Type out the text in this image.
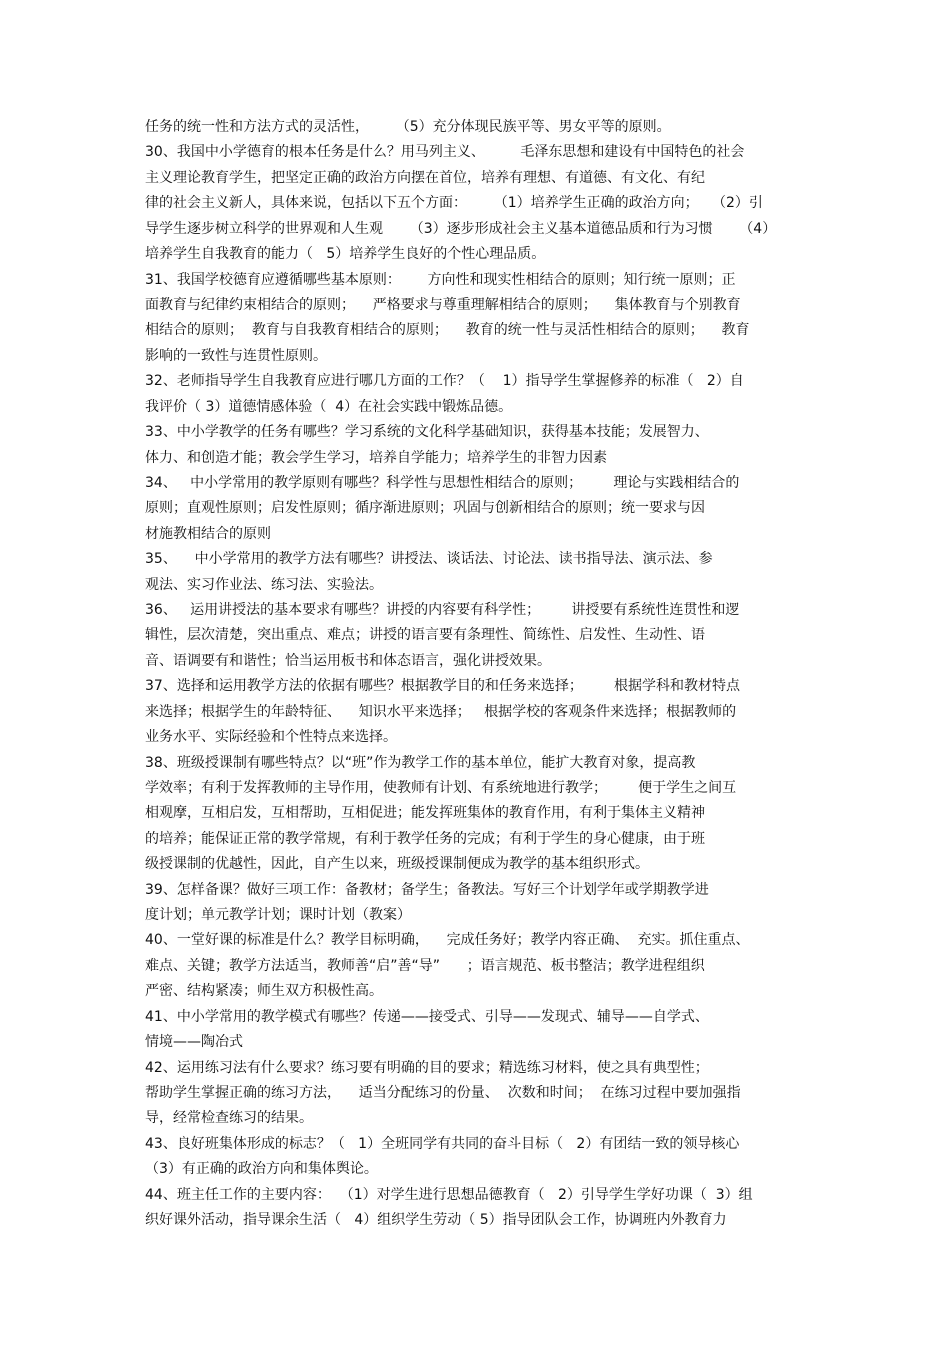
任务的统一性和方法方式的灵活性，      （5）充分体现民族平等、男女平等的原则。
30、我国中小学德育的根本任务是什么？用马列主义、        毛泽东思想和建设有中国特色的社会
主义理论教育学生，把坚定正确的政治方向摆在首位，培养有理想、有道德、有文化、有纪
律的社会主义新人，具体来说，包括以下五个方面：      （1）培养学生正确的政治方向；   （2）引
导学生逐步树立科学的世界观和人生观      （3）逐步形成社会主义基本道德品质和行为习惯      （4）
培养学生自我教育的能力（   5）培养学生良好的个性心理品质。
31、我国学校德育应遵循哪些基本原则：      方向性和现实性相结合的原则；知行统一原则；正
面教育与纪律约束相结合的原则；    严格要求与尊重理解相结合的原则；    集体教育与个别教育
相结合的原则；  教育与自我教育相结合的原则；    教育的统一性与灵活性相结合的原则；    教育
影响的一致性与连贯性原则。
32、老师指导学生自我教育应进行哪几方面的工作？（    1）指导学生掌握修养的标准（   2）自
我评价（ 3）道德情感体验（  4）在社会实践中锻炼品德。
33、中小学教学的任务有哪些？学习系统的文化科学基础知识，获得基本技能；发展智力、
体力、和创造才能；教会学生学习，培养自学能力；培养学生的非智力因素
34、   中小学常用的教学原则有哪些？科学性与思想性相结合的原则；       理论与实践相结合的
原则；直观性原则；启发性原则；循序渐进原则；巩固与创新相结合的原则；统一要求与因
材施教相结合的原则
35、    中小学常用的教学方法有哪些？讲授法、谈话法、讨论法、读书指导法、演示法、参
观法、实习作业法、练习法、实验法。
36、   运用讲授法的基本要求有哪些？讲授的内容要有科学性；       讲授要有系统性连贯性和逻
辑性，层次清楚，突出重点、难点；讲授的语言要有条理性、简练性、启发性、生动性、语
音、语调要有和谐性；恰当运用板书和体态语言，强化讲授效果。
37、选择和运用教学方法的依据有哪些？根据教学目的和任务来选择；       根据学科和教材特点
来选择；根据学生的年龄特征、    知识水平来选择；   根据学校的客观条件来选择；根据教师的
业务水平、实际经验和个性特点来选择。
38、班级授课制有哪些特点？以“班”作为教学工作的基本单位，能扩大教育对象，提高教
学效率；有利于发挥教师的主导作用，使教师有计划、有系统地进行教学；       便于学生之间互
相观摩，互相启发，互相帮助，互相促进；能发挥班集体的教育作用，有利于集体主义精神
的培养；能保证正常的教学常规，有利于教学任务的完成；有利于学生的身心健康，由于班
级授课制的优越性，因此，自产生以来，班级授课制便成为教学的基本组织形式。
39、怎样备课？做好三项工作：备教材；备学生；备教法。写好三个计划学年或学期教学进
度计划；单元教学计划；课时计划（教案）
40、一堂好课的标准是什么？教学目标明确，    完成任务好；教学内容正确、  充实。抓住重点、
难点、关键；教学方法适当，教师善“启”善“导”      ；语言规范、板书整洁；教学进程组织
严密、结构紧凑；师生双方积极性高。
41、中小学常用的教学模式有哪些？传递——接受式、引导——发现式、辅导——自学式、
情境——陶冶式
42、运用练习法有什么要求？练习要有明确的目的要求；精选练习材料，使之具有典型性；
帮助学生掌握正确的练习方法，    适当分配练习的份量、  次数和时间；  在练习过程中要加强指
导，经常检查练习的结果。
43、良好班集体形成的标志？（   1）全班同学有共同的奋斗目标（   2）有团结一致的领导核心
（3）有正确的政治方向和集体舆论。
44、班主任工作的主要内容：  （1）对学生进行思想品德教育（   2）引导学生学好功课（  3）组
织好课外活动，指导课余生活（   4）组织学生劳动（ 5）指导团队会工作，协调班内外教育力
